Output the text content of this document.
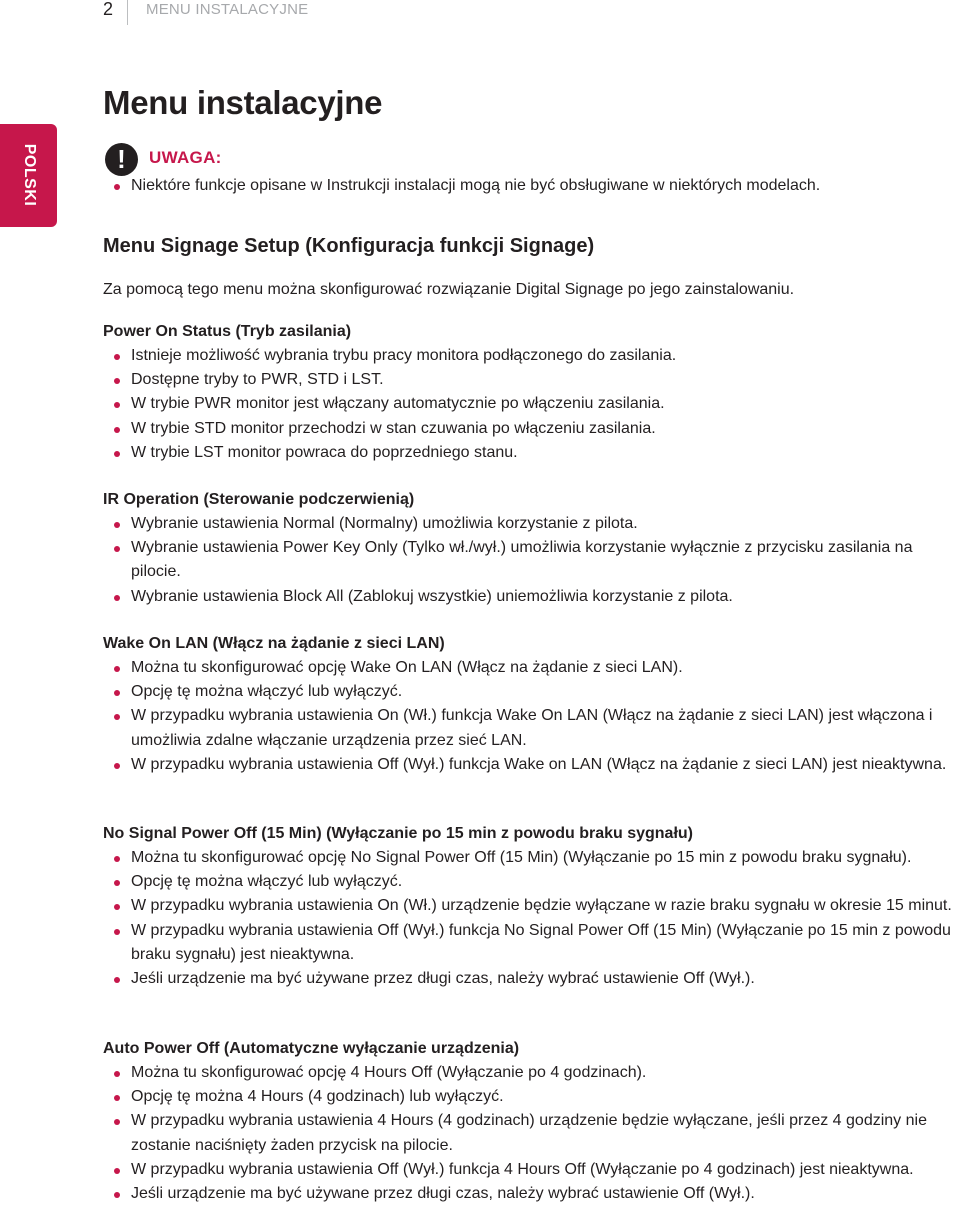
2 MENU INSTALACYJNE
POLSKI
Menu instalacyjne
!
UWAGA:
Niektóre funkcje opisane w Instrukcji instalacji mogą nie być obsługiwane w niektórych modelach.
Menu Signage Setup (Konfiguracja funkcji Signage)

Za pomocą tego menu można skonfigurować rozwiązanie Digital Signage po jego zainstalowaniu.

Power On Status (Tryb zasilania)
Istnieje możliwość wybrania trybu pracy monitora podłączonego do zasilania.
Dostępne tryby to PWR, STD i LST.
W trybie PWR monitor jest włączany automatycznie po włączeniu zasilania.
W trybie STD monitor przechodzi w stan czuwania po włączeniu zasilania.
W trybie LST monitor powraca do poprzedniego stanu.
IR Operation (Sterowanie podczerwienią)
Wybranie ustawienia Normal (Normalny) umożliwia korzystanie z pilota.
Wybranie ustawienia Power Key Only (Tylko wł./wył.) umożliwia korzystanie wyłącznie z przycisku zasilania na pilocie.
Wybranie ustawienia Block All (Zablokuj wszystkie) uniemożliwia korzystanie z pilota.
Wake On LAN (Włącz na żądanie z sieci LAN)
Można tu skonfigurować opcję Wake On LAN (Włącz na żądanie z sieci LAN).
Opcję tę można włączyć lub wyłączyć.
W przypadku wybrania ustawienia On (Wł.) funkcja Wake On LAN (Włącz na żądanie z sieci LAN) jest włączona i umożliwia zdalne włączanie urządzenia przez sieć LAN.
W przypadku wybrania ustawienia Off (Wył.) funkcja Wake on LAN (Włącz na żądanie z sieci LAN) jest nieaktywna.
No Signal Power Off (15 Min) (Wyłączanie po 15 min z powodu braku sygnału)
Można tu skonfigurować opcję No Signal Power Off (15 Min) (Wyłączanie po 15 min z powodu braku sygnału).
Opcję tę można włączyć lub wyłączyć.
W przypadku wybrania ustawienia On (Wł.) urządzenie będzie wyłączane w razie braku sygnału w okresie 15 minut.
W przypadku wybrania ustawienia Off (Wył.) funkcja No Signal Power Off (15 Min) (Wyłączanie po 15 min z powodu braku sygnału) jest nieaktywna.
Jeśli urządzenie ma być używane przez długi czas, należy wybrać ustawienie Off (Wył.).
Auto Power Off (Automatyczne wyłączanie urządzenia)
Można tu skonfigurować opcję 4 Hours Off (Wyłączanie po 4 godzinach).
Opcję tę można 4 Hours (4 godzinach) lub wyłączyć.
W przypadku wybrania ustawienia 4 Hours (4 godzinach) urządzenie będzie wyłączane, jeśli przez 4 godziny nie zostanie naciśnięty żaden przycisk na pilocie.
W przypadku wybrania ustawienia Off (Wył.) funkcja 4 Hours Off (Wyłączanie po 4 godzinach) jest nieaktywna.
Jeśli urządzenie ma być używane przez długi czas, należy wybrać ustawienie Off (Wył.).
